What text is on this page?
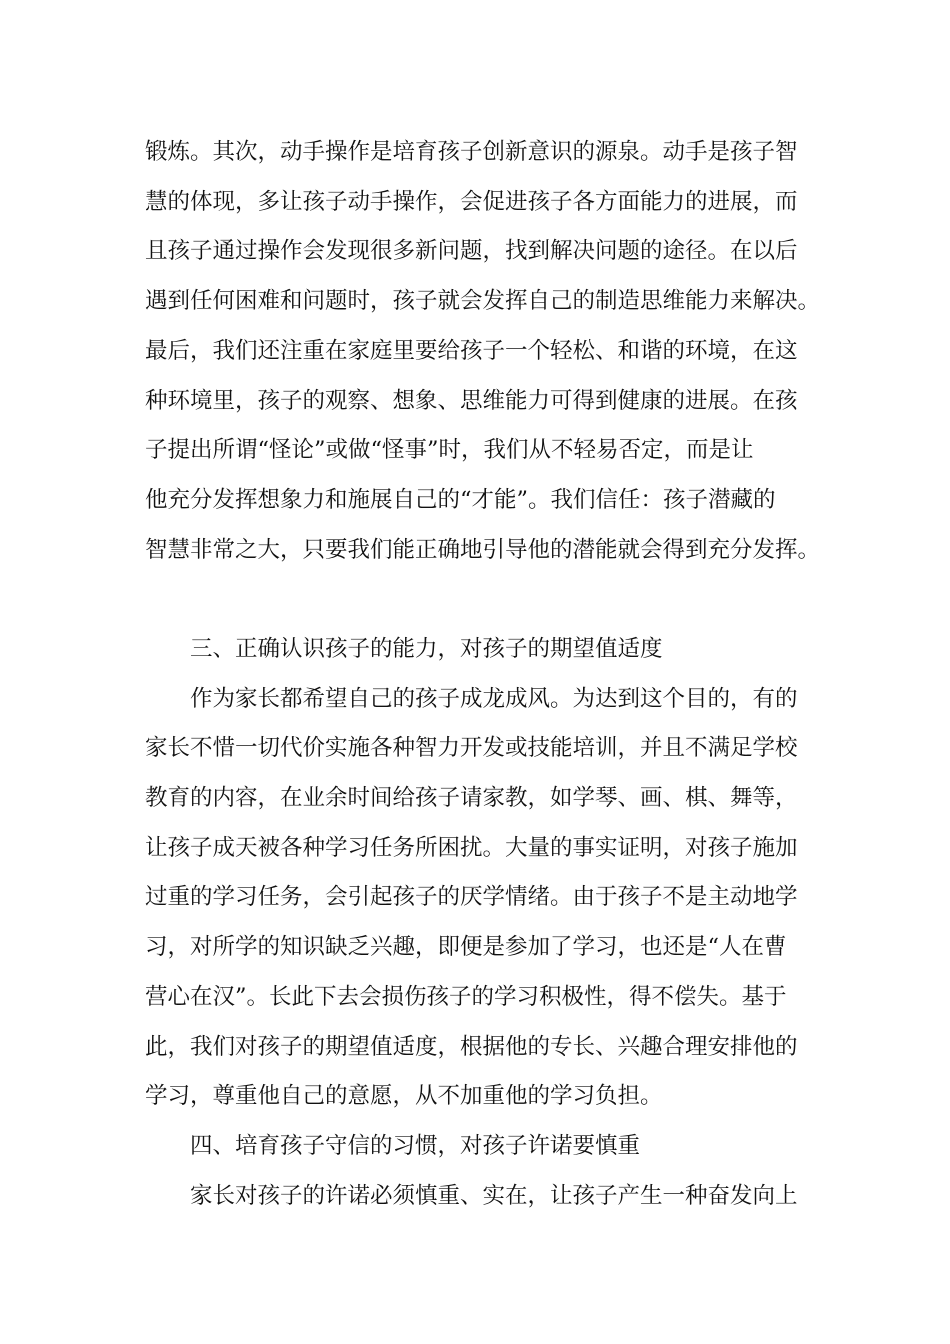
锻炼。其次，动手操作是培育孩子创新意识的源泉。动手是孩子智
慧的体现，多让孩子动手操作，会促进孩子各方面能力的进展，而
且孩子通过操作会发现很多新问题，找到解决问题的途径。在以后
遇到任何困难和问题时，孩子就会发挥自己的制造思维能力来解决。
最后，我们还注重在家庭里要给孩子一个轻松、和谐的环境，在这
种环境里，孩子的观察、想象、思维能力可得到健康的进展。在孩
子提出所谓“怪论”或做“怪事”时，我们从不轻易否定，而是让
他充分发挥想象力和施展自己的“才能”。我们信任：孩子潜藏的
智慧非常之大，只要我们能正确地引导他的潜能就会得到充分发挥。
三、正确认识孩子的能力，对孩子的期望值适度
作为家长都希望自己的孩子成龙成风。为达到这个目的，有的
家长不惜一切代价实施各种智力开发或技能培训，并且不满足学校
教育的内容，在业余时间给孩子请家教，如学琴、画、棋、舞等，
让孩子成天被各种学习任务所困扰。大量的事实证明，对孩子施加
过重的学习任务，会引起孩子的厌学情绪。由于孩子不是主动地学
习，对所学的知识缺乏兴趣，即便是参加了学习，也还是“人在曹
营心在汉”。长此下去会损伤孩子的学习积极性，得不偿失。基于
此，我们对孩子的期望值适度，根据他的专长、兴趣合理安排他的
学习，尊重他自己的意愿，从不加重他的学习负担。
四、培育孩子守信的习惯，对孩子许诺要慎重
家长对孩子的许诺必须慎重、实在，让孩子产生一种奋发向上
